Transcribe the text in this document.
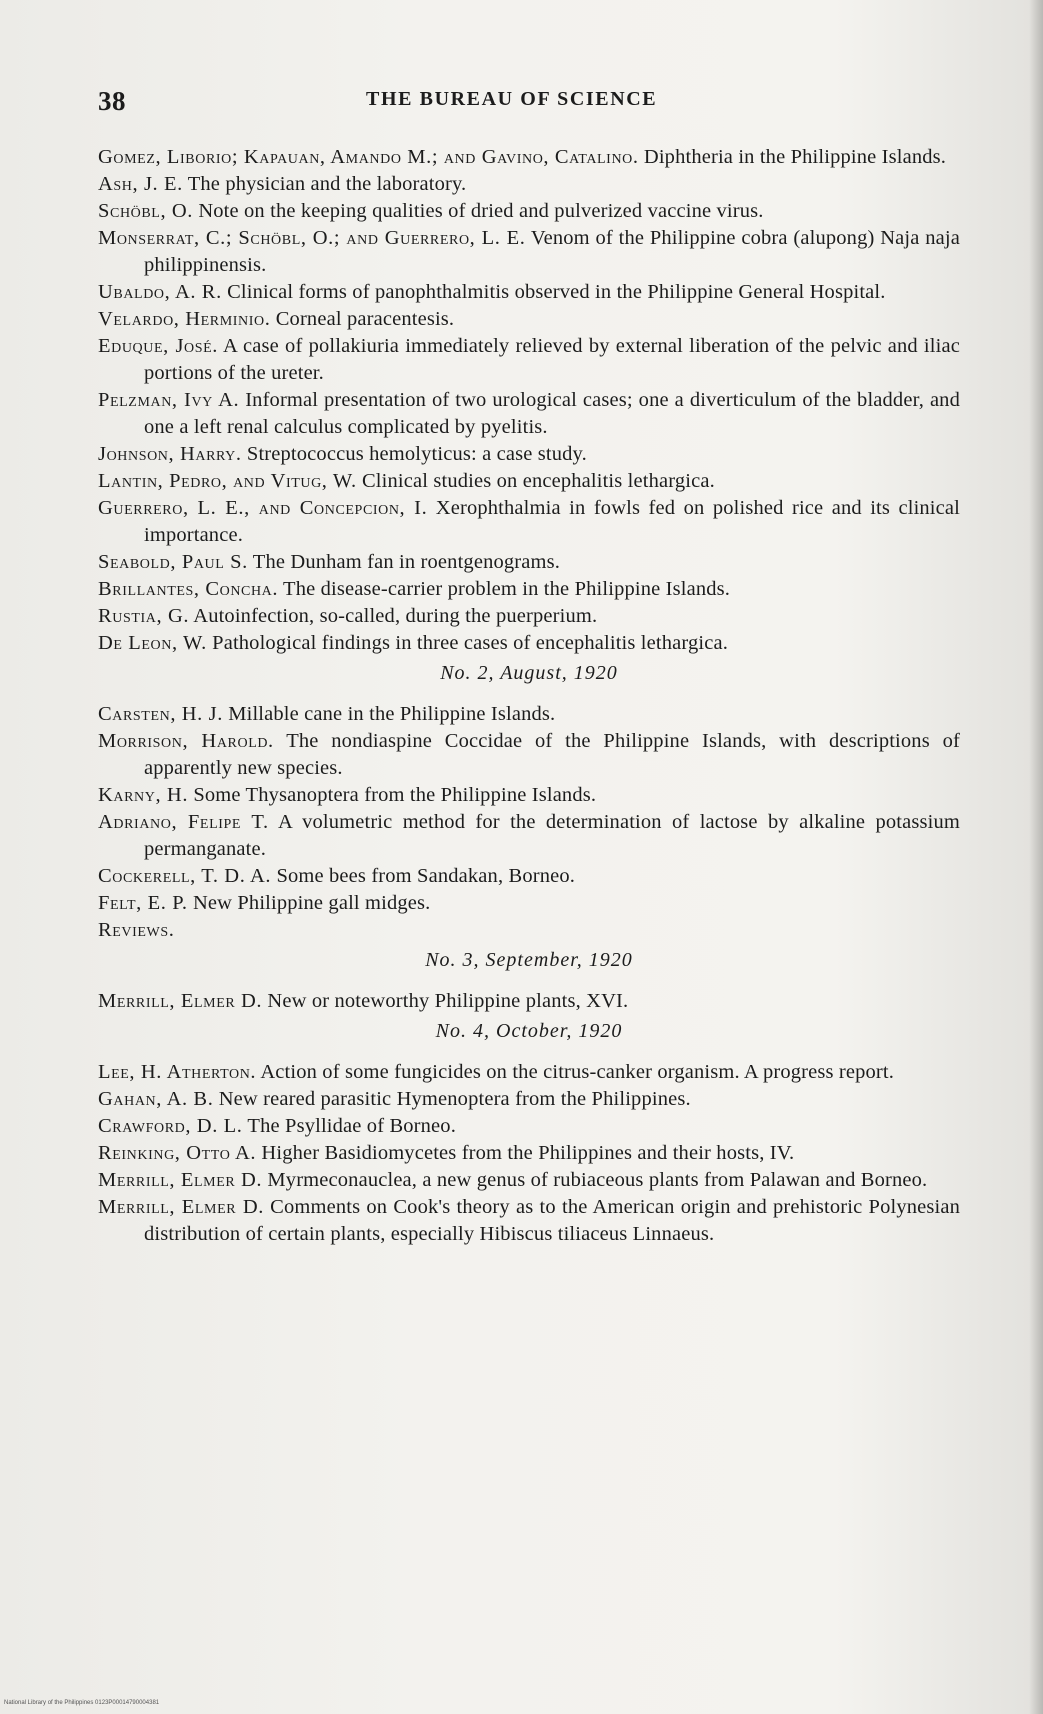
38	THE BUREAU OF SCIENCE

Gomez, Liborio; Kapauan, Amando M.; and Gavino, Catalino. Diphtheria in the Philippine Islands.

Ash, J. E. The physician and the laboratory.

Schöbl, O. Note on the keeping qualities of dried and pulverized vaccine virus.

Monserrat, C.; Schöbl, O.; and Guerrero, L. E. Venom of the Philippine cobra (alupong) Naja naja philippinensis.

Ubaldo, A. R. Clinical forms of panophthalmitis observed in the Philippine General Hospital.

Velardo, Herminio. Corneal paracentesis.

Eduque, José. A case of pollakiuria immediately relieved by external liberation of the pelvic and iliac portions of the ureter.

Pelzman, Ivy A. Informal presentation of two urological cases; one a diverticulum of the bladder, and one a left renal calculus complicated by pyelitis.

Johnson, Harry. Streptococcus hemolyticus: a case study.

Lantin, Pedro, and Vitug, W. Clinical studies on encephalitis lethargica.

Guerrero, L. E., and Concepcion, I. Xerophthalmia in fowls fed on polished rice and its clinical importance.

Seabold, Paul S. The Dunham fan in roentgenograms.

Brillantes, Concha. The disease-carrier problem in the Philippine Islands.

Rustia, G. Autoinfection, so-called, during the puerperium.

De Leon, W. Pathological findings in three cases of encephalitis lethargica.

No. 2, August, 1920

Carsten, H. J. Millable cane in the Philippine Islands.

Morrison, Harold. The nondiaspine Coccidae of the Philippine Islands, with descriptions of apparently new species.

Karny, H. Some Thysanoptera from the Philippine Islands.

Adriano, Felipe T. A volumetric method for the determination of lactose by alkaline potassium permanganate.

Cockerell, T. D. A. Some bees from Sandakan, Borneo.

Felt, E. P. New Philippine gall midges.

Reviews.

No. 3, September, 1920

Merrill, Elmer D. New or noteworthy Philippine plants, XVI.

No. 4, October, 1920

Lee, H. Atherton. Action of some fungicides on the citrus-canker organism. A progress report.

Gahan, A. B. New reared parasitic Hymenoptera from the Philippines.

Crawford, D. L. The Psyllidae of Borneo.

Reinking, Otto A. Higher Basidiomycetes from the Philippines and their hosts, IV.

Merrill, Elmer D. Myrmeconauclea, a new genus of rubiaceous plants from Palawan and Borneo.

Merrill, Elmer D. Comments on Cook's theory as to the American origin and prehistoric Polynesian distribution of certain plants, especially Hibiscus tiliaceus Linnaeus.

National Library of the Philippines 0123P00014790004381
